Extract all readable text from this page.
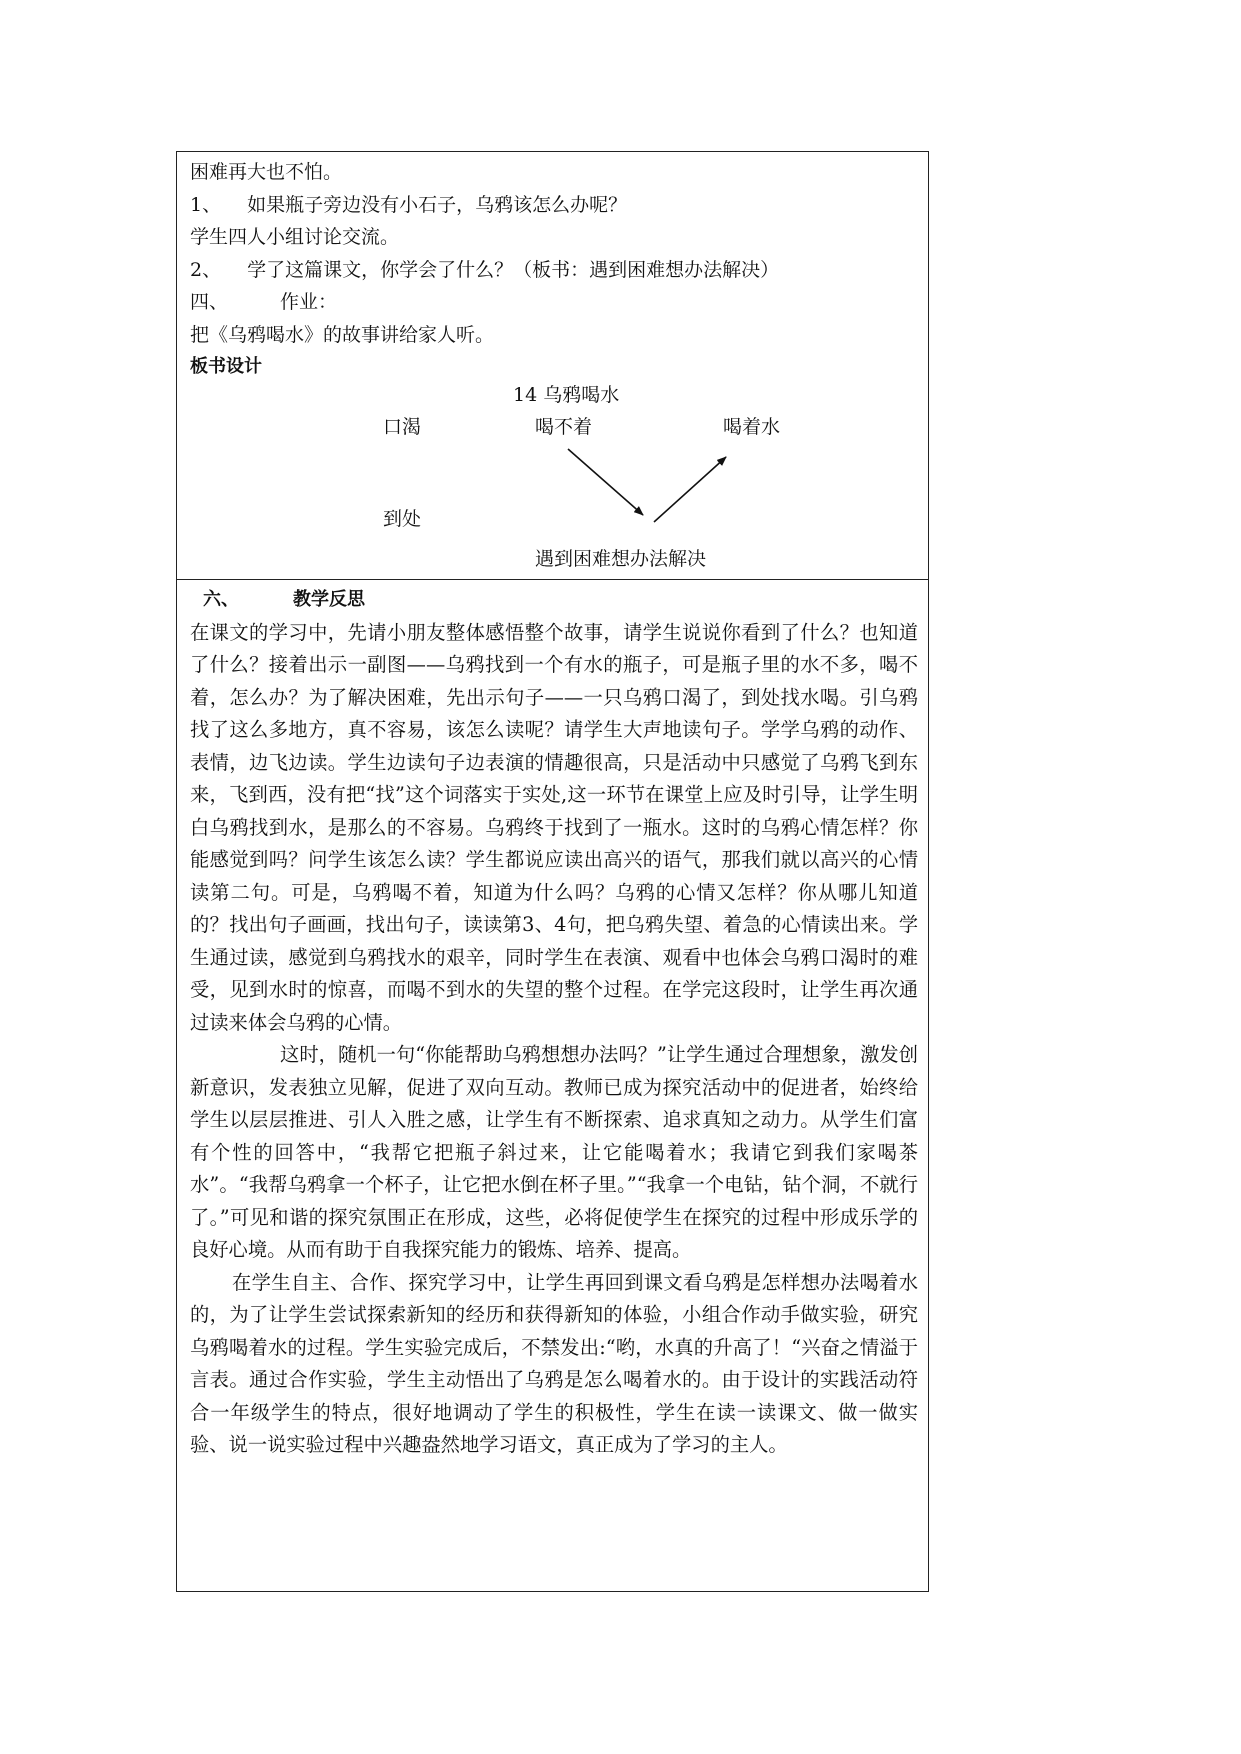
困难再大也不怕。
1、 如果瓶子旁边没有小石子，乌鸦该怎么办呢？
学生四人小组讨论交流。
2、 学了这篇课文，你学会了什么？（板书：遇到困难想办法解决）
四、	作业：
把《乌鸦喝水》的故事讲给家人听。
板书设计
14 乌鸦喝水
口渴	喝不着	喝着水
到处
遇到困难想办法解决
六、	教学反思

在课文的学习中，先请小朋友整体感悟整个故事，请学生说说你看到了什么？也知道了什么？接着出示一副图——乌鸦找到一个有水的瓶子，可是瓶子里的水不多，喝不着，怎么办？为了解决困难，先出示句子——一只乌鸦口渴了，到处找水喝。引乌鸦找了这么多地方，真不容易，该怎么读呢？请学生大声地读句子。学学乌鸦的动作、表情，边飞边读。学生边读句子边表演的情趣很高，只是活动中只感觉了乌鸦飞到东来，飞到西，没有把“找”这个词落实于实处,这一环节在课堂上应及时引导，让学生明白乌鸦找到水，是那么的不容易。乌鸦终于找到了一瓶水。这时的乌鸦心情怎样？你能感觉到吗？问学生该怎么读？学生都说应读出高兴的语气，那我们就以高兴的心情读第二句。可是，乌鸦喝不着，知道为什么吗？乌鸦的心情又怎样？你从哪儿知道的？找出句子画画，找出句子，读读第3、4句，把乌鸦失望、着急的心情读出来。学生通过读，感觉到乌鸦找水的艰辛，同时学生在表演、观看中也体会乌鸦口渴时的难受，见到水时的惊喜，而喝不到水的失望的整个过程。在学完这段时，让学生再次通过读来体会乌鸦的心情。

这时，随机一句“你能帮助乌鸦想想办法吗？”让学生通过合理想象，激发创新意识，发表独立见解，促进了双向互动。教师已成为探究活动中的促进者，始终给学生以层层推进、引人入胜之感，让学生有不断探索、追求真知之动力。从学生们富有个性的回答中，“我帮它把瓶子斜过来，让它能喝着水；我请它到我们家喝茶水”。“我帮乌鸦拿一个杯子，让它把水倒在杯子里。”“我拿一个电钻，钻个洞，不就行了。”可见和谐的探究氛围正在形成，这些，必将促使学生在探究的过程中形成乐学的良好心境。从而有助于自我探究能力的锻炼、培养、提高。

在学生自主、合作、探究学习中，让学生再回到课文看乌鸦是怎样想办法喝着水的，为了让学生尝试探索新知的经历和获得新知的体验，小组合作动手做实验，研究乌鸦喝着水的过程。学生实验完成后，不禁发出:“哟，水真的升高了！“兴奋之情溢于言表。通过合作实验，学生主动悟出了乌鸦是怎么喝着水的。由于设计的实践活动符合一年级学生的特点，很好地调动了学生的积极性，学生在读一读课文、做一做实验、说一说实验过程中兴趣盎然地学习语文，真正成为了学习的主人。
